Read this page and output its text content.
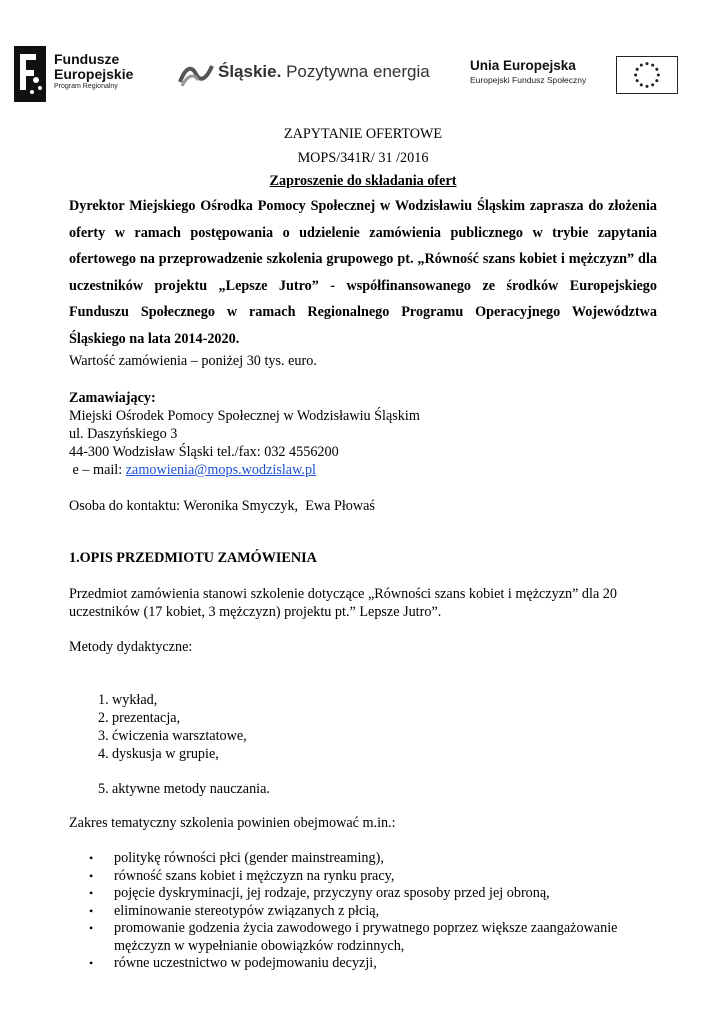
Fundusze
Europejskie
Program Regionalny
Śląskie. Pozytywna energia	Unia Europejska
Europejski Fundusz Społeczny
ZAPYTANIE OFERTOWE
MOPS/341R/ 31 /2016
Zaproszenie do składania ofert
Dyrektor Miejskiego Ośrodka Pomocy Społecznej w Wodzisławiu Śląskim zaprasza do złożenia oferty w ramach postępowania o udzielenie zamówienia publicznego w trybie zapytania ofertowego na przeprowadzenie szkolenia grupowego pt. „Równość szans kobiet i mężczyzn” dla uczestników projektu „Lepsze Jutro” - współfinansowanego ze środków Europejskiego Funduszu Społecznego w ramach Regionalnego Programu Operacyjnego Województwa Śląskiego na lata 2014-2020.
Wartość zamówienia – poniżej 30 tys. euro.
Zamawiający:
Miejski Ośrodek Pomocy Społecznej w Wodzisławiu Śląskim
ul. Daszyńskiego 3
44-300 Wodzisław Śląski tel./fax: 032 4556200
e – mail: zamowienia@mops.wodzislaw.pl
Osoba do kontaktu: Weronika Smyczyk,  Ewa Płowaś
1.OPIS PRZEDMIOTU ZAMÓWIENIA
Przedmiot zamówienia stanowi szkolenie dotyczące „Równości szans kobiet i mężczyzn” dla 20 uczestników (17 kobiet, 3 mężczyzn) projektu pt.” Lepsze Jutro”.
Metody dydaktyczne:
1. wykład,
2. prezentacja,
3. ćwiczenia warsztatowe,
4. dyskusja w grupie,
5. aktywne metody nauczania.
Zakres tematyczny szkolenia powinien obejmować m.in.:
• politykę równości płci (gender mainstreaming),
• równość szans kobiet i mężczyzn na rynku pracy,
• pojęcie dyskryminacji, jej rodzaje, przyczyny oraz sposoby przed jej obroną,
• eliminowanie stereotypów związanych z płcią,
• promowanie godzenia życia zawodowego i prywatnego poprzez większe zaangażowanie mężczyzn w wypełnianie obowiązków rodzinnych,
• równe uczestnictwo w podejmowaniu decyzji,
